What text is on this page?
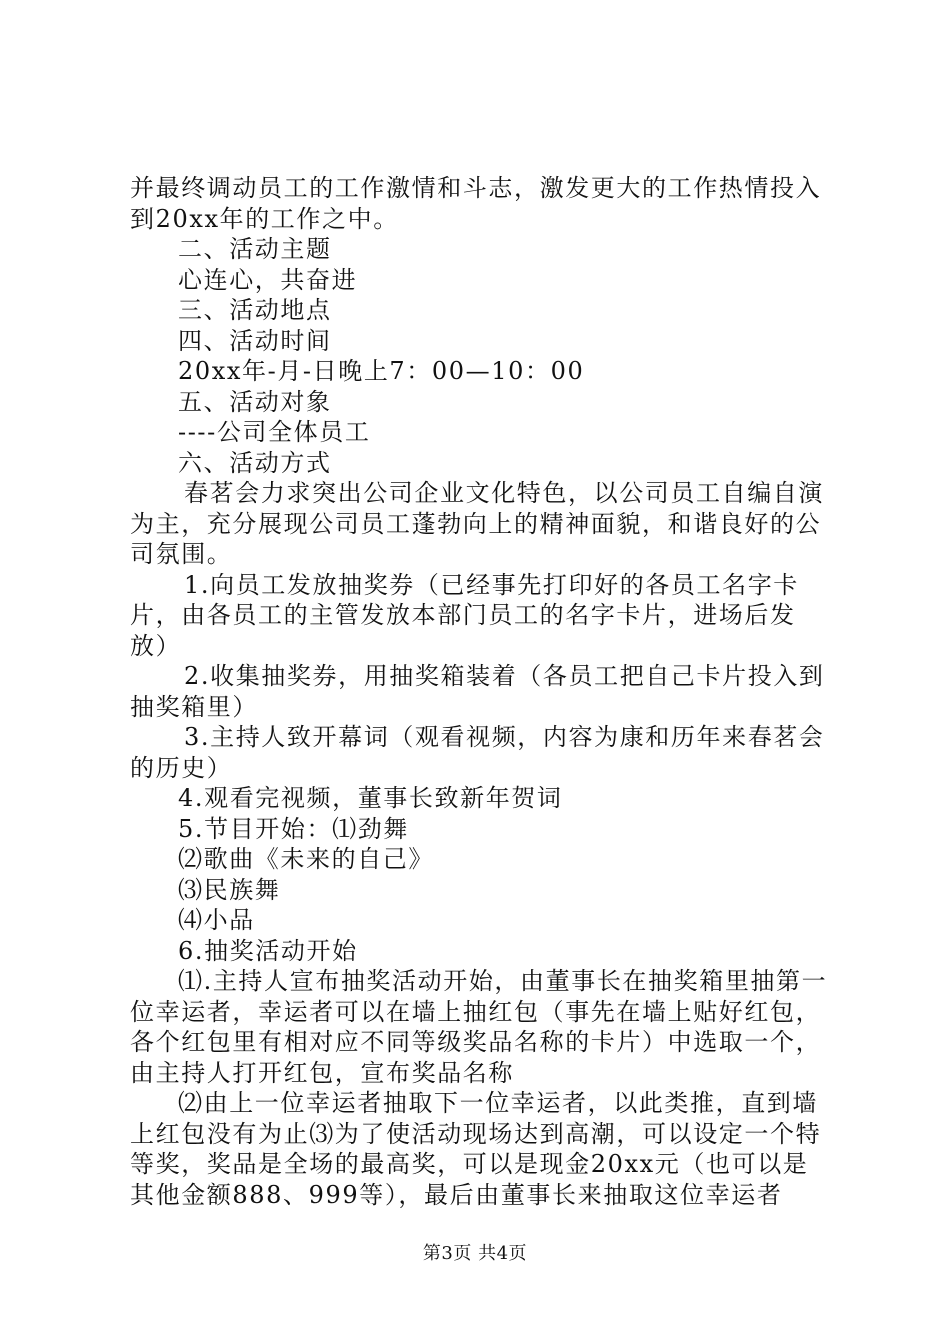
并最终调动员工的工作激情和斗志，激发更大的工作热情投入到20xx年的工作之中。

二、活动主题

心连心，共奋进

三、活动地点

四、活动时间

20xx年-月-日晚上7：00—10：00

五、活动对象

----公司全体员工

六、活动方式

春茗会力求突出公司企业文化特色，以公司员工自编自演为主，充分展现公司员工蓬勃向上的精神面貌，和谐良好的公司氛围。

1.向员工发放抽奖券（已经事先打印好的各员工名字卡片，由各员工的主管发放本部门员工的名字卡片，进场后发放）

2.收集抽奖券，用抽奖箱装着（各员工把自己卡片投入到抽奖箱里）

3.主持人致开幕词（观看视频，内容为康和历年来春茗会的历史）

4.观看完视频，董事长致新年贺词

5.节目开始：⑴劲舞

⑵歌曲《未来的自己》

⑶民族舞

⑷小品

6.抽奖活动开始

⑴.主持人宣布抽奖活动开始，由董事长在抽奖箱里抽第一位幸运者，幸运者可以在墙上抽红包（事先在墙上贴好红包，各个红包里有相对应不同等级奖品名称的卡片）中选取一个，由主持人打开红包，宣布奖品名称

⑵由上一位幸运者抽取下一位幸运者，以此类推，直到墙上红包没有为止⑶为了使活动现场达到高潮，可以设定一个特等奖，奖品是全场的最高奖，可以是现金20xx元（也可以是其他金额888、999等），最后由董事长来抽取这位幸运者

第3页 共4页
